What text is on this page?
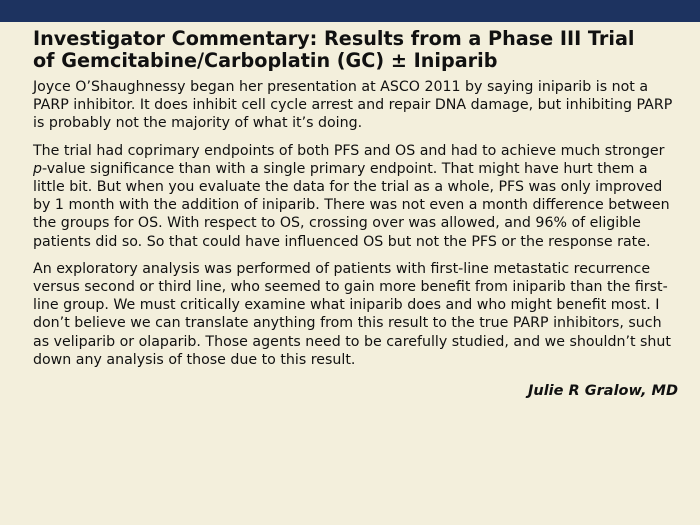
Investigator Commentary: Results from a Phase III Trial
of Gemcitabine/Carboplatin (GC) ± Iniparib

Joyce O’Shaughnessy began her presentation at ASCO 2011 by saying iniparib is not a PARP inhibitor. It does inhibit cell cycle arrest and repair DNA damage, but inhibiting PARP is probably not the majority of what it’s doing.

The trial had coprimary endpoints of both PFS and OS and had to achieve much stronger p-value significance than with a single primary endpoint. That might have hurt them a little bit. But when you evaluate the data for the trial as a whole, PFS was only improved by 1 month with the addition of iniparib. There was not even a month difference between the groups for OS. With respect to OS, crossing over was allowed, and 96% of eligible patients did so. So that could have influenced OS but not the PFS or the response rate.

An exploratory analysis was performed of patients with first-line metastatic recurrence versus second or third line, who seemed to gain more benefit from iniparib than the first-line group. We must critically examine what iniparib does and who might benefit most. I don’t believe we can translate anything from this result to the true PARP inhibitors, such as veliparib or olaparib. Those agents need to be carefully studied, and we shouldn’t shut down any analysis of those due to this result.

Julie R Gralow, MD
